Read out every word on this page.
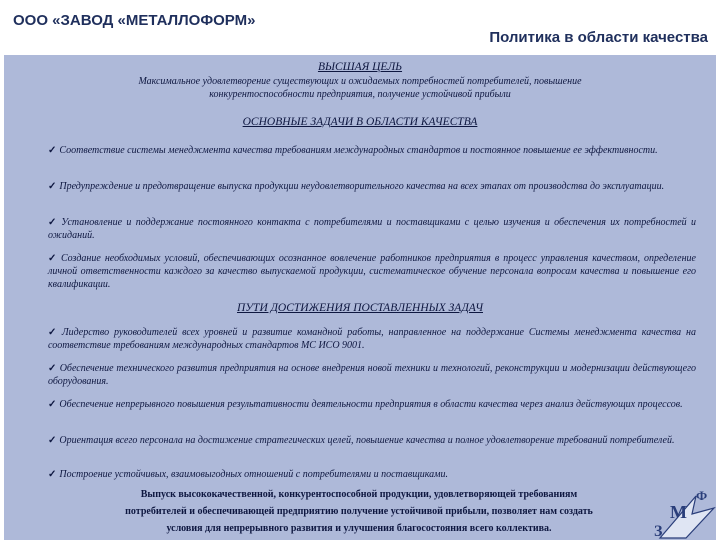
ООО «ЗАВОД «МЕТАЛЛОФОРМ»
Политика в области качества
ВЫСШАЯ ЦЕЛЬ
Максимальное удовлетворение существующих и ожидаемых потребностей потребителей, повышение
конкурентоспособности предприятия, получение устойчивой прибыли
ОСНОВНЫЕ ЗАДАЧИ В ОБЛАСТИ КАЧЕСТВА
✓ Соответствие системы менеджмента качества требованиям международных стандартов и постоянное повышение ее эффективности.
✓ Предупреждение и предотвращение выпуска продукции неудовлетворительного качества на всех этапах от производства до эксплуатации.
✓ Установление и поддержание постоянного контакта с потребителями и поставщиками с целью изучения и обеспечения их потребностей и ожиданий.
✓ Создание необходимых условий, обеспечивающих осознанное вовлечение работников предприятия в процесс управления качеством, определение личной ответственности каждого за качество выпускаемой продукции, систематическое обучение персонала вопросам качества и повышение его квалификации.
ПУТИ ДОСТИЖЕНИЯ ПОСТАВЛЕННЫХ ЗАДАЧ
✓ Лидерство руководителей всех уровней и развитие командной работы, направленное на поддержание Системы менеджмента качества на соответствие требованиям международных стандартов МС ИСО 9001.
✓ Обеспечение технического развития предприятия на основе внедрения новой техники и технологий, реконструкции и модернизации действующего оборудования.
✓ Обеспечение непрерывного повышения результативности деятельности предприятия в области качества через анализ действующих процессов.
✓ Ориентация всего персонала на достижение стратегических целей, повышение качества и полное удовлетворение требований потребителей.
✓ Построение устойчивых, взаимовыгодных отношений с потребителями и поставщиками.
Выпуск высококачественной, конкурентоспособной продукции, удовлетворяющей требованиям
потребителей и обеспечивающей предприятию получение устойчивой прибыли, позволяет нам создать
условия для непрерывного развития и улучшения благосостояния всего коллектива.	З
М
Ф
